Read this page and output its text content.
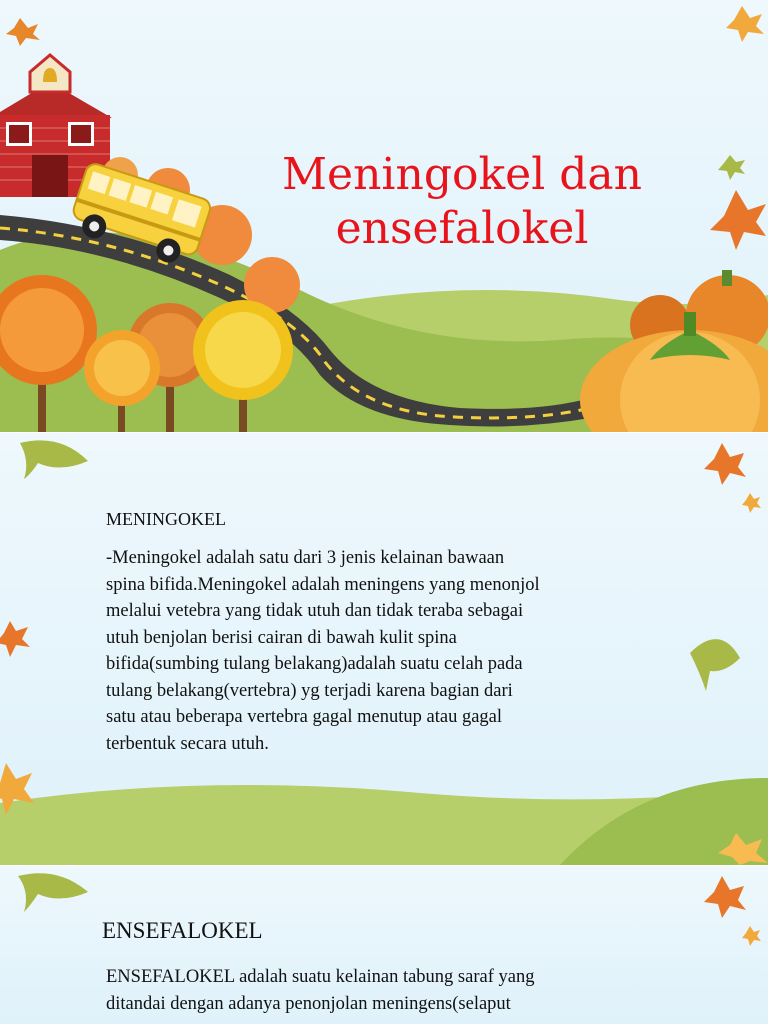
Meningokel dan
ensefalokel
MENINGOKEL
-Meningokel adalah satu dari 3 jenis kelainan bawaan
spina bifida.Meningokel adalah meningens yang menonjol
melalui vetebra yang tidak utuh dan tidak teraba sebagai
utuh benjolan berisi cairan di bawah kulit spina
bifida(sumbing tulang belakang)adalah suatu celah pada
tulang belakang(vertebra) yg terjadi karena bagian dari
satu atau beberapa vertebra gagal menutup atau gagal
terbentuk secara utuh.
ENSEFALOKEL
ENSEFALOKEL adalah suatu kelainan tabung saraf yang
ditandai dengan adanya penonjolan meningens(selaput
